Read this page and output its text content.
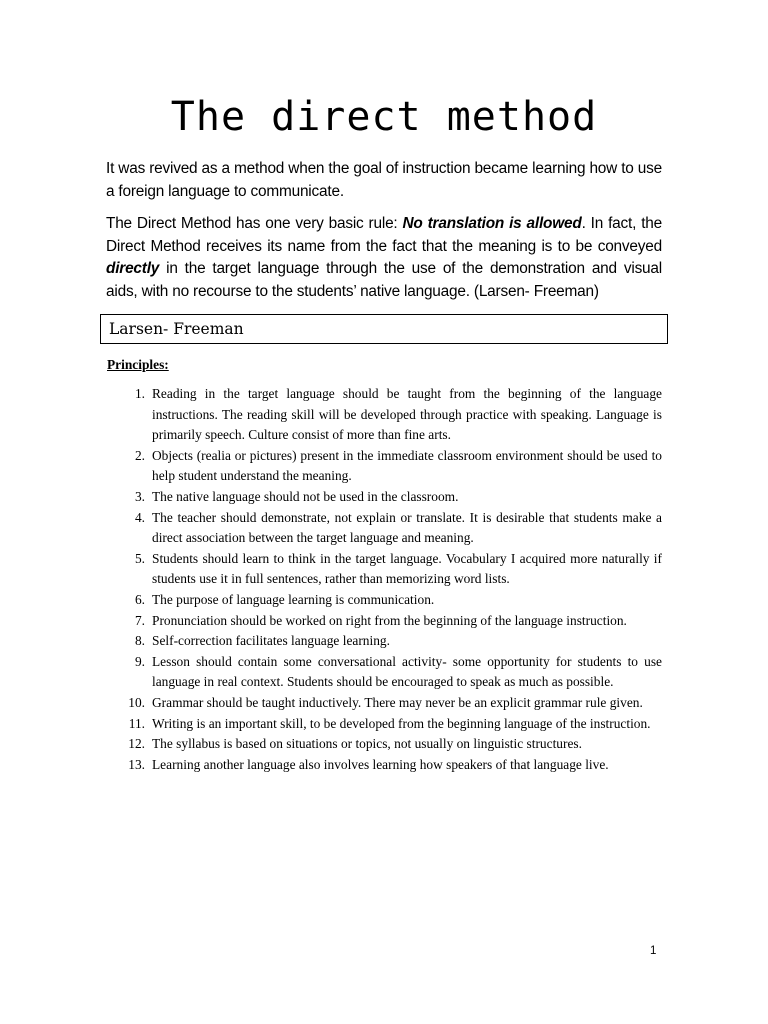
The direct method

It was revived as a method when the goal of instruction became learning how to use a foreign language to communicate.

The Direct Method has one very basic rule: No translation is allowed. In fact, the Direct Method receives its name from the fact that the meaning is to be conveyed directly in the target language through the use of the demonstration and visual aids, with no recourse to the students’ native language. (Larsen- Freeman)

Larsen- Freeman
Principles:
1. Reading in the target language should be taught from the beginning of the language instructions. The reading skill will be developed through practice with speaking. Language is primarily speech. Culture consist of more than fine arts.
2. Objects (realia or pictures) present in the immediate classroom environment should be used to help student understand the meaning.
3. The native language should not be used in the classroom.
4. The teacher should demonstrate, not explain or translate. It is desirable that students make a direct association between the target language and meaning.
5. Students should learn to think in the target language. Vocabulary I acquired more naturally if students use it in full sentences, rather than memorizing word lists.
6. The purpose of language learning is communication.
7. Pronunciation should be worked on right from the beginning of the language instruction.
8. Self-correction facilitates language learning.
9. Lesson should contain some conversational activity- some opportunity for students to use language in real context. Students should be encouraged to speak as much as possible.
10. Grammar should be taught inductively. There may never be an explicit grammar rule given.
11. Writing is an important skill, to be developed from the beginning language of the instruction.
12. The syllabus is based on situations or topics, not usually on linguistic structures.
13. Learning another language also involves learning how speakers of that language live.
1
